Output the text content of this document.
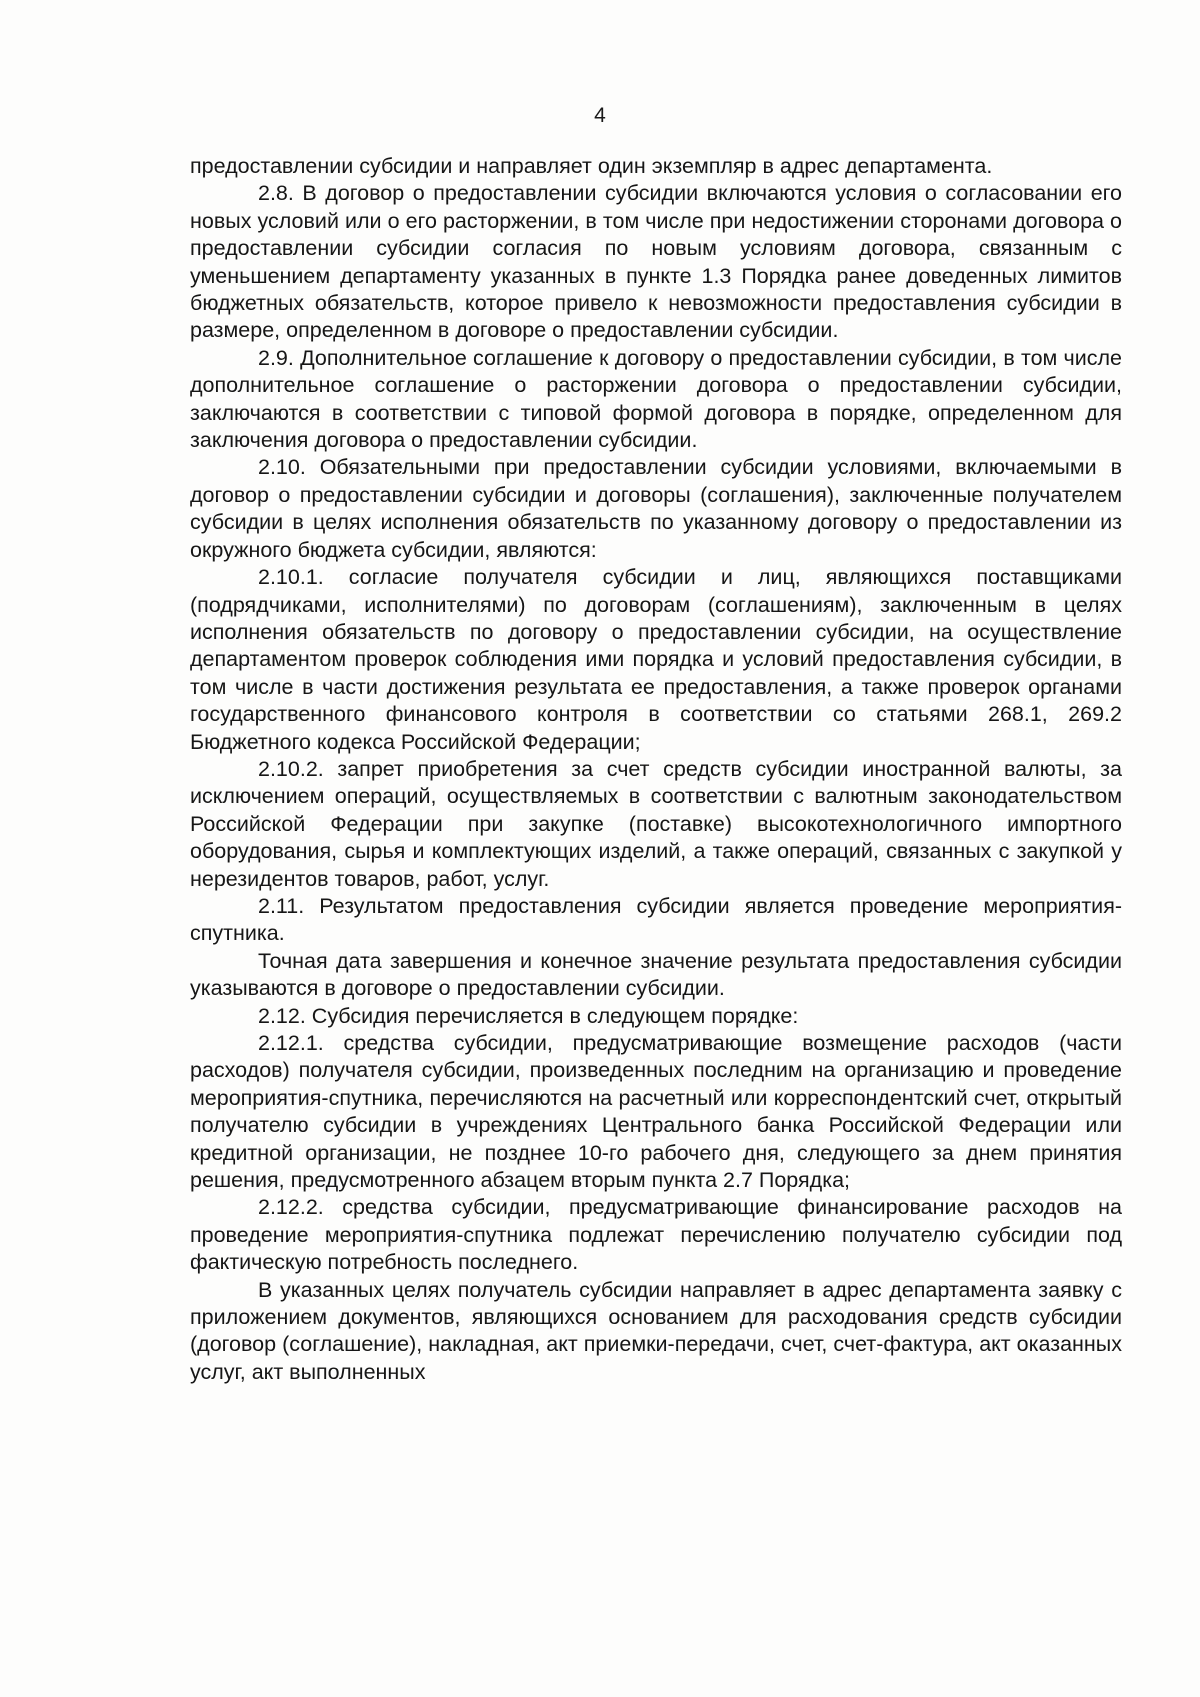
4

предоставлении субсидии и направляет один экземпляр в адрес департамента.

2.8. В договор о предоставлении субсидии включаются условия о согласовании его новых условий или о его расторжении, в том числе при недостижении сторонами договора о предоставлении субсидии согласия по новым условиям договора, связанным с уменьшением департаменту указанных в пункте 1.3 Порядка ранее доведенных лимитов бюджетных обязательств, которое привело к невозможности предоставления субсидии в размере, определенном в договоре о предоставлении субсидии.

2.9. Дополнительное соглашение к договору о предоставлении субсидии, в том числе дополнительное соглашение о расторжении договора о предоставлении субсидии, заключаются в соответствии с типовой формой договора в порядке, определенном для заключения договора о предоставлении субсидии.

2.10. Обязательными при предоставлении субсидии условиями, включаемыми в договор о предоставлении субсидии и договоры (соглашения), заключенные получателем субсидии в целях исполнения обязательств по указанному договору о предоставлении из окружного бюджета субсидии, являются:

2.10.1. согласие получателя субсидии и лиц, являющихся поставщиками (подрядчиками, исполнителями) по договорам (соглашениям), заключенным в целях исполнения обязательств по договору о предоставлении субсидии, на осуществление департаментом проверок соблюдения ими порядка и условий предоставления субсидии, в том числе в части достижения результата ее предоставления, а также проверок органами государственного финансового контроля в соответствии со статьями 268.1, 269.2 Бюджетного кодекса Российской Федерации;

2.10.2. запрет приобретения за счет средств субсидии иностранной валюты, за исключением операций, осуществляемых в соответствии с валютным законодательством Российской Федерации при закупке (поставке) высокотехнологичного импортного оборудования, сырья и комплектующих изделий, а также операций, связанных с закупкой у нерезидентов товаров, работ, услуг.

2.11. Результатом предоставления субсидии является проведение мероприятия-спутника.

Точная дата завершения и конечное значение результата предоставления субсидии указываются в договоре о предоставлении субсидии.

2.12. Субсидия перечисляется в следующем порядке:

2.12.1. средства субсидии, предусматривающие возмещение расходов (части расходов) получателя субсидии, произведенных последним на организацию и проведение мероприятия-спутника, перечисляются на расчетный или корреспондентский счет, открытый получателю субсидии в учреждениях Центрального банка Российской Федерации или кредитной организации, не позднее 10-го рабочего дня, следующего за днем принятия решения, предусмотренного абзацем вторым пункта 2.7 Порядка;

2.12.2. средства субсидии, предусматривающие финансирование расходов на проведение мероприятия-спутника подлежат перечислению получателю субсидии под фактическую потребность последнего.

В указанных целях получатель субсидии направляет в адрес департамента заявку с приложением документов, являющихся основанием для расходования средств субсидии (договор (соглашение), накладная, акт приемки-передачи, счет, счет-фактура, акт оказанных услуг, акт выполненных
